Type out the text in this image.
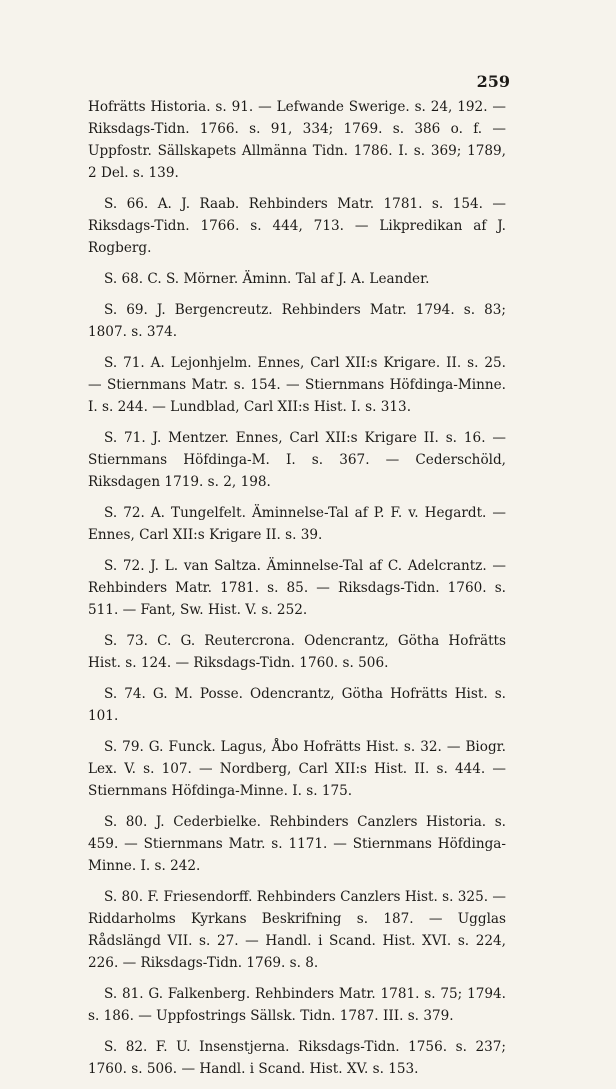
259

Hofrätts Historia. s. 91. — Lefwande Swerige. s. 24, 192. — Riksdags-Tidn. 1766. s. 91, 334; 1769. s. 386 o. f. — Uppfostr. Sällskapets Allmänna Tidn. 1786. I. s. 369; 1789, 2 Del. s. 139.

S. 66. A. J. Raab. Rehbinders Matr. 1781. s. 154. — Riksdags-Tidn. 1766. s. 444, 713. — Likpredikan af J. Rogberg.

S. 68. C. S. Mörner. Äminn. Tal af J. A. Leander.

S. 69. J. Bergencreutz. Rehbinders Matr. 1794. s. 83; 1807. s. 374.

S. 71. A. Lejonhjelm. Ennes, Carl XII:s Krigare. II. s. 25. — Stiernmans Matr. s. 154. — Stiernmans Höfdinga-Minne. I. s. 244. — Lundblad, Carl XII:s Hist. I. s. 313.

S. 71. J. Mentzer. Ennes, Carl XII:s Krigare II. s. 16. — Stiernmans Höfdinga-M. I. s. 367. — Cederschöld, Riksdagen 1719. s. 2, 198.

S. 72. A. Tungelfelt. Äminnelse-Tal af P. F. v. Hegardt. — Ennes, Carl XII:s Krigare II. s. 39.

S. 72. J. L. van Saltza. Äminnelse-Tal af C. Adelcrantz. — Rehbinders Matr. 1781. s. 85. — Riksdags-Tidn. 1760. s. 511. — Fant, Sw. Hist. V. s. 252.

S. 73. C. G. Reutercrona. Odencrantz, Götha Hofrätts Hist. s. 124. — Riksdags-Tidn. 1760. s. 506.

S. 74. G. M. Posse. Odencrantz, Götha Hofrätts Hist. s. 101.

S. 79. G. Funck. Lagus, Åbo Hofrätts Hist. s. 32. — Biogr. Lex. V. s. 107. — Nordberg, Carl XII:s Hist. II. s. 444. — Stiernmans Höfdinga-Minne. I. s. 175.

S. 80. J. Cederbielke. Rehbinders Canzlers Historia. s. 459. — Stiernmans Matr. s. 1171. — Stiernmans Höfdinga-Minne. I. s. 242.

S. 80. F. Friesendorff. Rehbinders Canzlers Hist. s. 325. — Riddarholms Kyrkans Beskrifning s. 187. — Ugglas Rådslängd VII. s. 27. — Handl. i Scand. Hist. XVI. s. 224, 226. — Riksdags-Tidn. 1769. s. 8.

S. 81. G. Falkenberg. Rehbinders Matr. 1781. s. 75; 1794. s. 186. — Uppfostrings Sällsk. Tidn. 1787. III. s. 379.

S. 82. F. U. Insenstjerna. Riksdags-Tidn. 1756. s. 237; 1760. s. 506. — Handl. i Scand. Hist. XV. s. 153.
